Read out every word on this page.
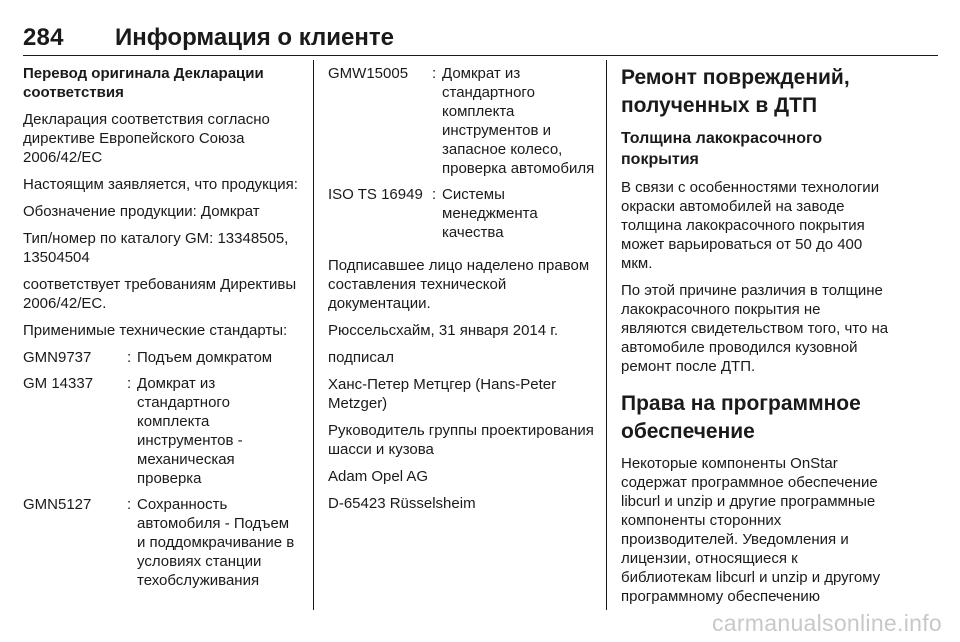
284 Информация о клиенте

Перевод оригинала Декларации соответствия

Декларация соответствия согласно директиве Европейского Союза 2006/42/EC

Настоящим заявляется, что продукция:

Обозначение продукции: Домкрат

Тип/номер по каталогу GM: 13348505, 13504504

соответствует требованиям Директивы 2006/42/EC.

Применимые технические стандарты:

GMN9737	: Подъем домкратом
GM 14337	: Домкрат из стандартного комплекта инструментов - механическая проверка
GMN5127	: Сохранность автомобиля - Подъем и поддомкрачивание в условиях станции техобслуживания
GMW15005	: Домкрат из стандартного комплекта инструментов и запасное колесо, проверка автомобиля
ISO TS 16949 : Системы менеджмента качества

Подписавшее лицо наделено правом составления технической документации.

Рюссельсхайм, 31 января 2014 г.

подписал

Ханс-Петер Метцгер (Hans-Peter Metzger)

Руководитель группы проектирования шасси и кузова

Adam Opel AG

D-65423 Rüsselsheim

Ремонт повреждений, полученных в ДТП

Толщина лакокрасочного покрытия

В связи с особенностями технологии окраски автомобилей на заводе толщина лакокрасочного покрытия может варьироваться от 50 до 400 мкм.

По этой причине различия в толщине лакокрасочного покрытия не являются свидетельством того, что на автомобиле проводился кузовной ремонт после ДТП.

Права на программное обеспечение

Некоторые компоненты OnStar содержат программное обеспечение libcurl и unzip и другие программные компоненты сторонних производителей. Уведомления и лицензии, относящиеся к библиотекам libcurl и unzip и другому программному обеспечению

carmanualsonline.info
